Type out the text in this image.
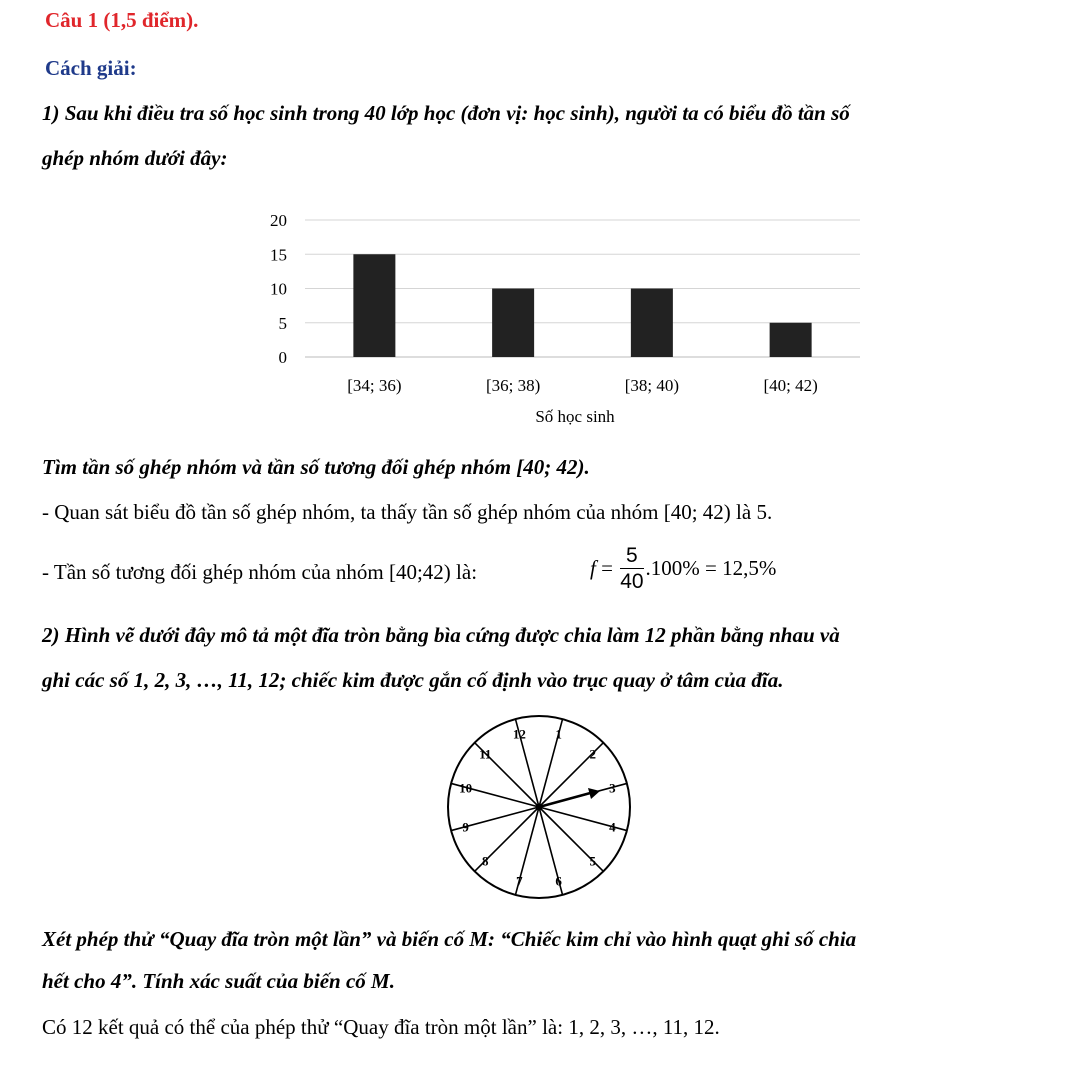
Câu 1 (1,5 điểm).
Cách giải:
1) Sau khi điều tra số học sinh trong 40 lớp học (đơn vị: học sinh), người ta có biểu đồ tần số
ghép nhóm dưới đây:
0
5
10
15
20
[34; 36)	[36; 38)	[38; 40)	[40; 42)
Số học sinh
Tìm tần số ghép nhóm và tần số tương đối ghép nhóm [40; 42).
- Quan sát biểu đồ tần số ghép nhóm, ta thấy tần số ghép nhóm của nhóm [40; 42) là 5.
- Tần số tương đối ghép nhóm của nhóm [40;42) là:	$f = \frac{5}{40} .100\% = 12,5\%$
2) Hình vẽ dưới đây mô tả một đĩa tròn bằng bìa cứng được chia làm 12 phần bằng nhau và
ghi các số 1, 2, 3, …, 11, 12; chiếc kim được gắn cố định vào trục quay ở tâm của đĩa.
1
2
3
4
5
6
7
8
9
10
11
12
Xét phép thử “Quay đĩa tròn một lần” và biến cố M: “Chiếc kim chỉ vào hình quạt ghi số chia
hết cho 4”. Tính xác suất của biến cố M.
Có 12 kết quả có thể của phép thử “Quay đĩa tròn một lần” là: 1, 2, 3, …, 11, 12.
